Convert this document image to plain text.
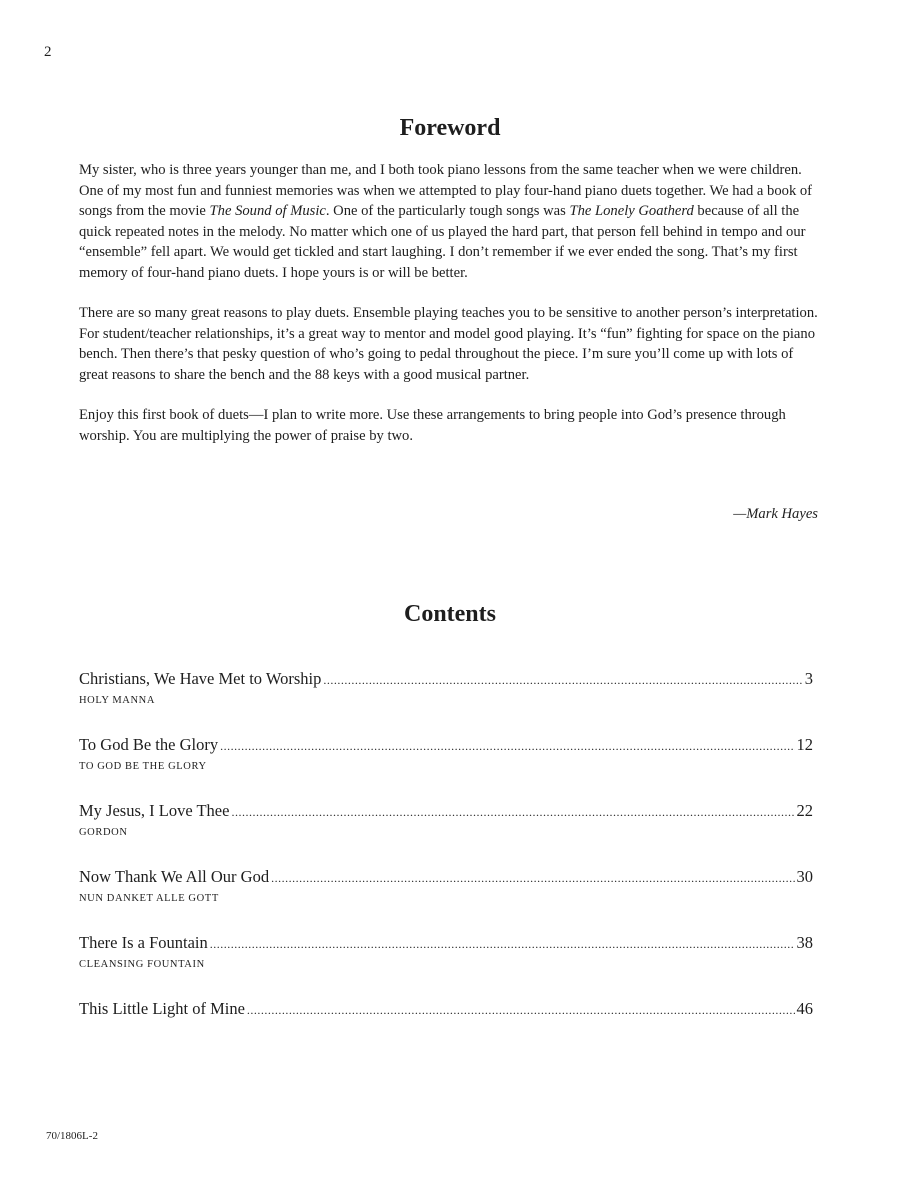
2
Foreword

My sister, who is three years younger than me, and I both took piano lessons from the same teacher when we were children. One of my most fun and funniest memories was when we attempted to play four-hand piano duets together. We had a book of songs from the movie The Sound of Music. One of the particularly tough songs was The Lonely Goatherd because of all the quick repeated notes in the melody. No matter which one of us played the hard part, that person fell behind in tempo and our “ensemble” fell apart. We would get tickled and start laughing. I don’t remember if we ever ended the song. That’s my first memory of four-hand piano duets. I hope yours is or will be better.

There are so many great reasons to play duets. Ensemble playing teaches you to be sensitive to another person’s interpretation. For student/teacher relationships, it’s a great way to mentor and model good playing. It’s “fun” fighting for space on the piano bench. Then there’s that pesky question of who’s going to pedal throughout the piece. I’m sure you’ll come up with lots of great reasons to share the bench and the 88 keys with a good musical partner.

Enjoy this first book of duets—I plan to write more. Use these arrangements to bring people into God’s presence through worship. You are multiplying the power of praise by two.

—Mark Hayes
Contents
Christians, We Have Met to Worship .....	3
HOLY MANNA
To God Be the Glory .....	12
TO GOD BE THE GLORY
My Jesus, I Love Thee .....	22
GORDON
Now Thank We All Our God .....	30
NUN DANKET ALLE GOTT
There Is a Fountain .....	38
CLEANSING FOUNTAIN
This Little Light of Mine .....	46
70/1806L-2
